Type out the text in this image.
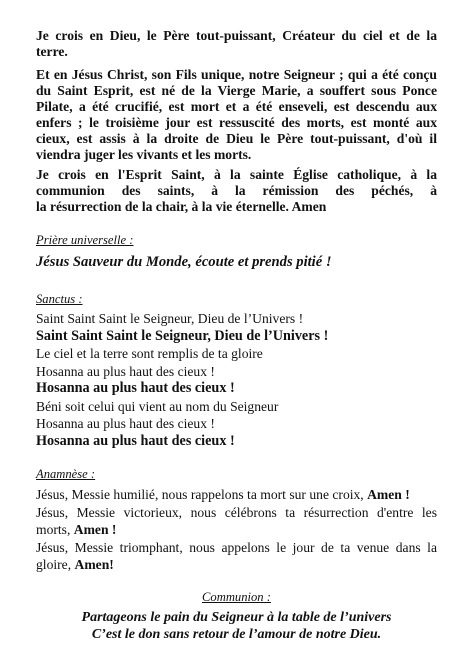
Je crois en Dieu, le Père tout-puissant, Créateur du ciel et de la
terre.
Et en Jésus Christ, son Fils unique, notre Seigneur ; qui a été conçu
du Saint Esprit, est né de la Vierge Marie, a souffert sous Ponce
Pilate, a été crucifié, est mort et a été enseveli, est descendu aux
enfers ; le troisième jour est ressuscité des morts, est monté aux
cieux, est assis à la droite de Dieu le Père tout-puissant, d'où il
viendra juger les vivants et les morts.
Je crois en l'Esprit Saint, à la sainte Église catholique, à la
communion des saints, à la rémission des péchés, à
la résurrection de la chair, à la vie éternelle. Amen
Prière universelle :
Jésus Sauveur du Monde, écoute et prends pitié !
Sanctus :
Saint Saint Saint le Seigneur, Dieu de l’Univers !
Saint Saint Saint le Seigneur, Dieu de l’Univers !
Le ciel et la terre sont remplis de ta gloire
Hosanna au plus haut des cieux !
Hosanna au plus haut des cieux !
Béni soit celui qui vient au nom du Seigneur
Hosanna au plus haut des cieux !
Hosanna au plus haut des cieux !
Anamnèse :
Jésus, Messie humilié, nous rappelons ta mort sur une croix, Amen !
Jésus, Messie victorieux, nous célébrons ta résurrection d'entre les
morts, Amen !
Jésus, Messie triomphant, nous appelons le jour de ta venue dans la
gloire, Amen!
Communion :
Partageons le pain du Seigneur à la table de l’univers
C’est le don sans retour de l’amour de notre Dieu.
